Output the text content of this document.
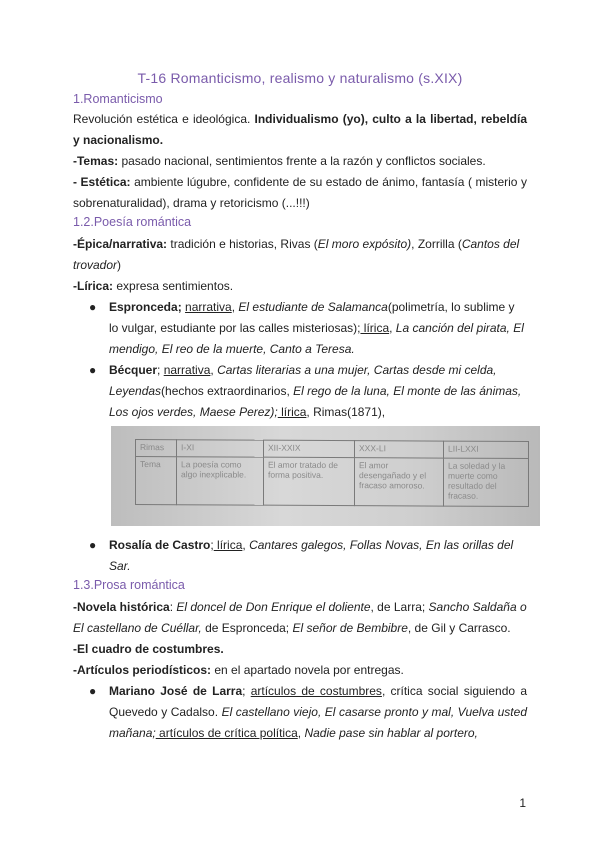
T-16 Romanticismo, realismo y naturalismo (s.XIX)
1.Romanticismo
Revolución estética e ideológica. Individualismo (yo), culto a la libertad, rebeldía y nacionalismo.
-Temas: pasado nacional, sentimientos frente a la razón y conflictos sociales.
- Estética: ambiente lúgubre, confidente de su estado de ánimo, fantasía ( misterio y sobrenaturalidad), drama y retoricismo (...!!!)
1.2.Poesía romántica
-Épica/narrativa: tradición e historias, Rivas (El moro expósito), Zorrilla (Cantos del trovador)
-Lírica: expresa sentimientos.
● Espronceda; narrativa, El estudiante de Salamanca(polimetría, lo sublime y lo vulgar, estudiante por las calles misteriosas); lírica, La canción del pirata, El mendigo, El reo de la muerte, Canto a Teresa.
● Bécquer; narrativa, Cartas literarias a una mujer, Cartas desde mi celda, Leyendas(hechos extraordinarios, El rego de la luna, El monte de las ánimas, Los ojos verdes, Maese Perez); lírica, Rimas(1871),
Rimas	I-XI	XII-XXIX	XXX-LI	LII-LXXI
Tema	La poesía como algo inexplicable.	El amor tratado de forma positiva.	El amor desengañado y el fracaso amoroso.	La soledad y la muerte como resultado del fracaso.
● Rosalía de Castro; lírica, Cantares galegos, Follas Novas, En las orillas del Sar.
1.3.Prosa romántica
-Novela histórica: El doncel de Don Enrique el doliente, de Larra; Sancho Saldaña o El castellano de Cuéllar, de Espronceda; El señor de Bembibre, de Gil y Carrasco.
-El cuadro de costumbres.
-Artículos periodísticos: en el apartado novela por entregas.
● Mariano José de Larra; artículos de costumbres, crítica social siguiendo a Quevedo y Cadalso. El castellano viejo, El casarse pronto y mal, Vuelva usted mañana; artículos de crítica política, Nadie pase sin hablar al portero,
1
